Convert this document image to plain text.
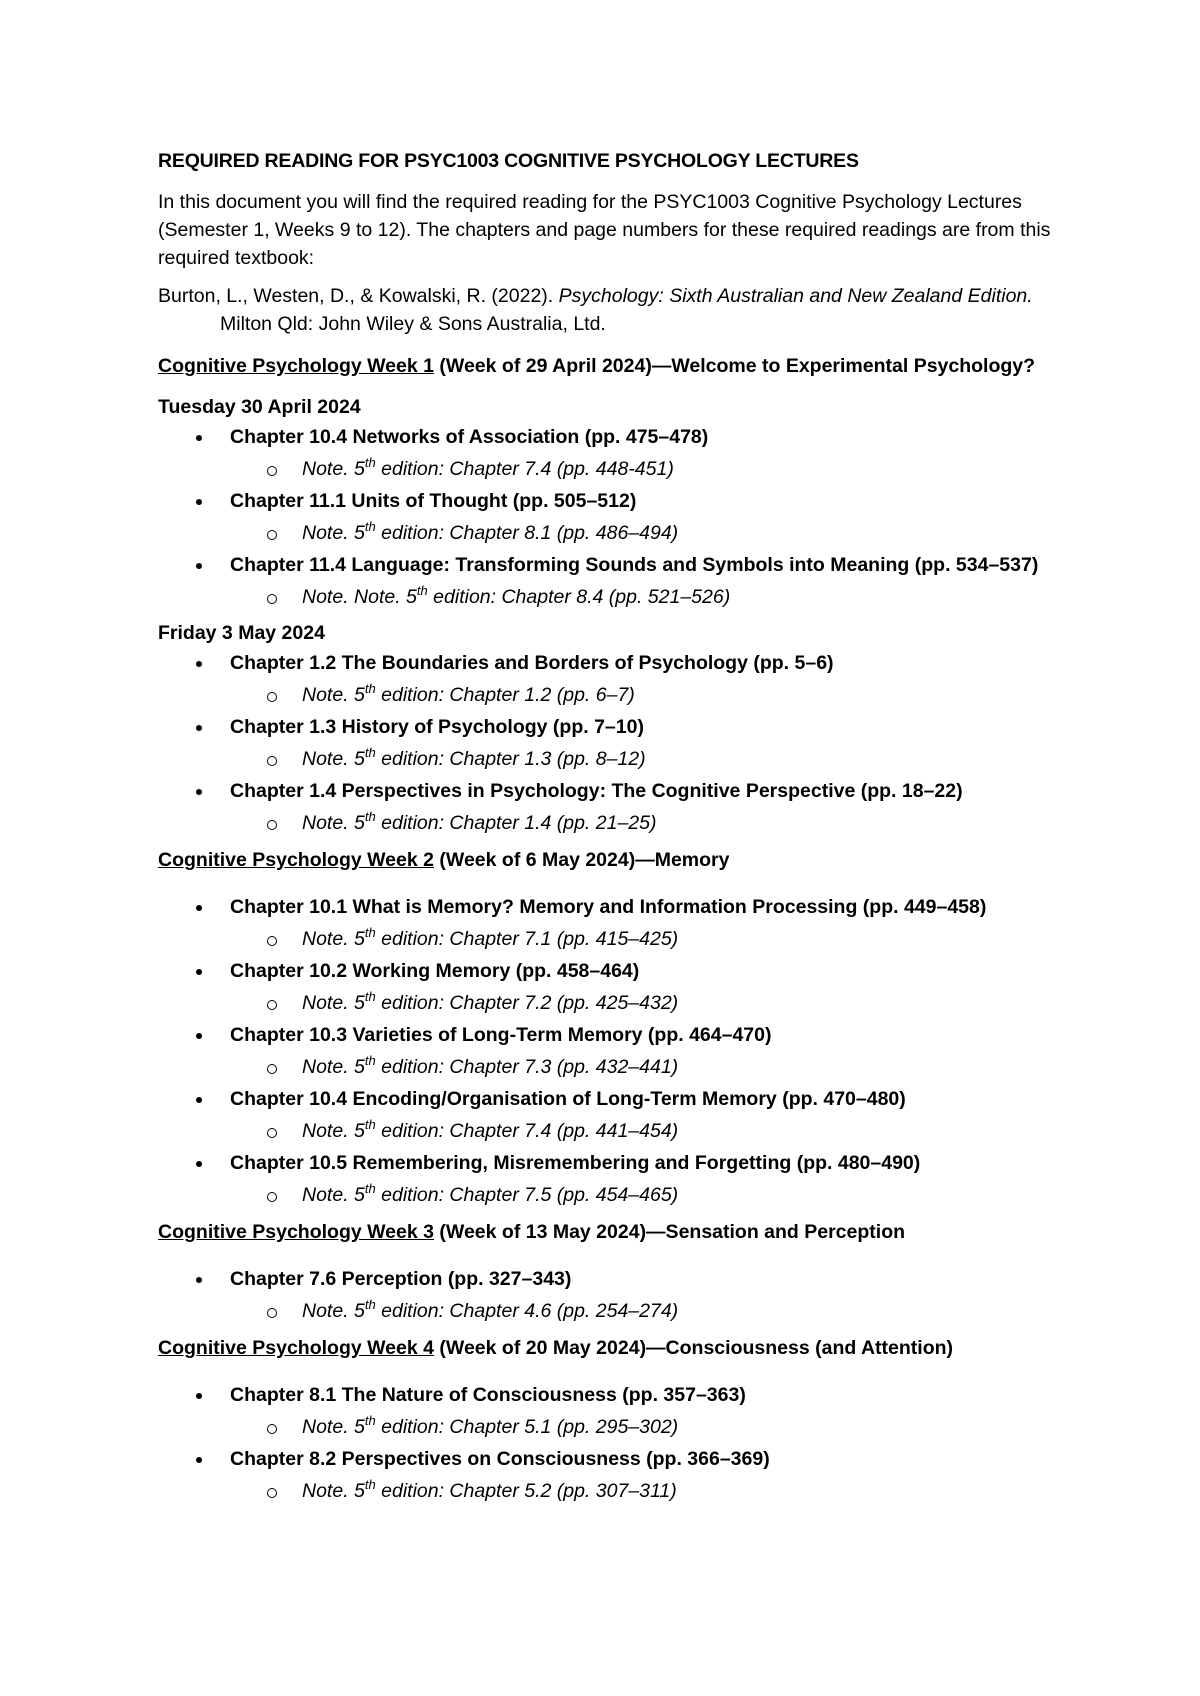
REQUIRED READING FOR PSYC1003 COGNITIVE PSYCHOLOGY LECTURES
In this document you will find the required reading for the PSYC1003 Cognitive Psychology Lectures (Semester 1, Weeks 9 to 12). The chapters and page numbers for these required readings are from this required textbook:
Burton, L., Westen, D., & Kowalski, R. (2022). Psychology: Sixth Australian and New Zealand Edition.
Milton Qld: John Wiley & Sons Australia, Ltd.
Cognitive Psychology Week 1 (Week of 29 April 2024)—Welcome to Experimental Psychology?
Tuesday 30 April 2024
Chapter 10.4 Networks of Association (pp. 475–478)
Note. 5th edition: Chapter 7.4 (pp. 448-451)
Chapter 11.1 Units of Thought (pp. 505–512)
Note. 5th edition: Chapter 8.1 (pp. 486–494)
Chapter 11.4 Language: Transforming Sounds and Symbols into Meaning (pp. 534–537)
Note. Note. 5th edition: Chapter 8.4 (pp. 521–526)
Friday 3 May 2024
Chapter 1.2 The Boundaries and Borders of Psychology (pp. 5–6)
Note. 5th edition: Chapter 1.2 (pp. 6–7)
Chapter 1.3 History of Psychology (pp. 7–10)
Note. 5th edition: Chapter 1.3 (pp. 8–12)
Chapter 1.4 Perspectives in Psychology: The Cognitive Perspective (pp. 18–22)
Note. 5th edition: Chapter 1.4 (pp. 21–25)
Cognitive Psychology Week 2 (Week of 6 May 2024)—Memory
Chapter 10.1 What is Memory? Memory and Information Processing (pp. 449–458)
Note. 5th edition: Chapter 7.1 (pp. 415–425)
Chapter 10.2 Working Memory (pp. 458–464)
Note. 5th edition: Chapter 7.2 (pp. 425–432)
Chapter 10.3 Varieties of Long-Term Memory (pp. 464–470)
Note. 5th edition: Chapter 7.3 (pp. 432–441)
Chapter 10.4 Encoding/Organisation of Long-Term Memory (pp. 470–480)
Note. 5th edition: Chapter 7.4 (pp. 441–454)
Chapter 10.5 Remembering, Misremembering and Forgetting (pp. 480–490)
Note. 5th edition: Chapter 7.5 (pp. 454–465)
Cognitive Psychology Week 3 (Week of 13 May 2024)—Sensation and Perception
Chapter 7.6 Perception (pp. 327–343)
Note. 5th edition: Chapter 4.6 (pp. 254–274)
Cognitive Psychology Week 4 (Week of 20 May 2024)—Consciousness (and Attention)
Chapter 8.1 The Nature of Consciousness (pp. 357–363)
Note. 5th edition: Chapter 5.1 (pp. 295–302)
Chapter 8.2 Perspectives on Consciousness (pp. 366–369)
Note. 5th edition: Chapter 5.2 (pp. 307–311)
